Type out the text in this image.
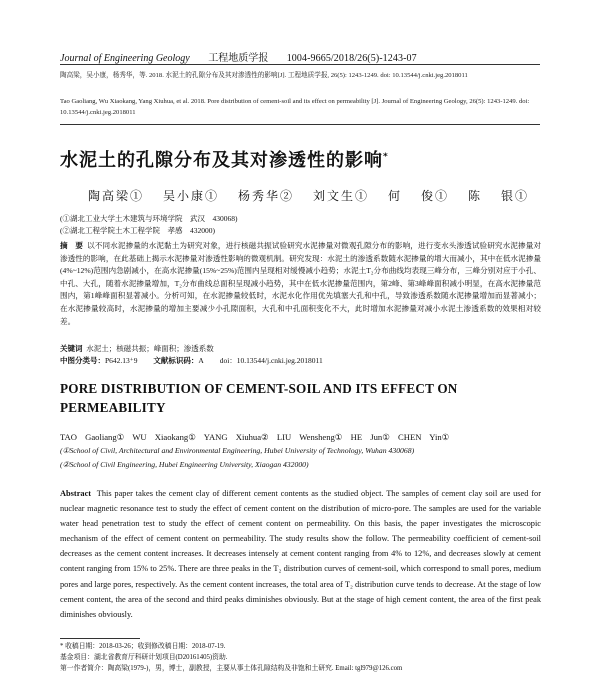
Journal of Engineering Geology 工程地质学报 1004-9665/2018/26(5)-1243-07
陶高梁，吴小康，杨秀华，等. 2018. 水泥土的孔隙分布及其对渗透性的影响[J]. 工程地质学报, 26(5): 1243-1249. doi: 10.13544/j.cnki.jeg.2018011
Tao Gaoliang, Wu Xiaokang, Yang Xiuhua, et al. 2018. Pore distribution of cement-soil and its effect on permeability [J]. Journal of Engineering Geology, 26(5): 1243-1249. doi: 10.13544/j.cnki.jeg.2018011
水泥土的孔隙分布及其对渗透性的影响*
陶高梁① 吴小康① 杨秀华② 刘文生① 何 俊① 陈 银①
(①湖北工业大学土木建筑与环境学院　武汉　430068)
(②湖北工程学院土木工程学院　孝感　432000)
摘　要 以不同水泥掺量的水泥黏土为研究对象，进行核磁共振试验研究水泥掺量对微观孔隙分布的影响，进行变水头渗透试验研究水泥掺量对渗透性的影响，在此基础上揭示水泥掺量对渗透性影响的微观机制。研究发现：水泥土的渗透系数随水泥掺量的增大而减小，其中在低水泥掺量(4%~12%)范围内急剧减小，在高水泥掺量(15%~25%)范围内呈现相对缓慢减小趋势；水泥土T₂分布曲线均表现三峰分布，三峰分别对应于小孔、中孔、大孔，随着水泥掺量增加，T₂分布曲线总面积呈现减小趋势，其中在低水泥掺量范围内，第2峰、第3峰峰面积减小明显，在高水泥掺量范围内，第1峰峰面积显著减小。分析可知，在水泥掺量较低时，水泥水化作用优先填塞大孔和中孔，导致渗透系数随水泥掺量增加而显著减小；在水泥掺量较高时，水泥掺量的增加主要减少小孔隙面积，大孔和中孔面积变化不大，此时增加水泥掺量对减小水泥土渗透系数的效果相对较差。
关键词 水泥土；核磁共振；峰面积；渗透系数
中图分类号：P642.13⁺9 文献标识码：A doi：10.13544/j.cnki.jeg.2018011
PORE DISTRIBUTION OF CEMENT-SOIL AND ITS EFFECT ON PERMEABILITY
TAO Gaoliang① WU Xiaokang① YANG Xiuhua② LIU Wensheng① HE Jun① CHEN Yin①
(①School of Civil, Architectural and Environmental Engineering, Hubei University of Technology, Wuhan 430068)
(②School of Civil Engineering, Hubei Engineering University, Xiaogan 432000)
Abstract This paper takes the cement clay of different cement contents as the studied object. The samples of cement clay soil are used for nuclear magnetic resonance test to study the effect of cement content on the distribution of micro-pore. The samples are used for the variable water head penetration test to study the effect of cement content on permeability. On this basis, the paper investigates the microscopic mechanism of the effect of cement content on permeability. The study results show the follow. The permeability coefficient of cement-soil decreases as the cement content increases. It decreases intensely at cement content ranging from 4% to 12%, and decreases slowly at cement content ranging from 15% to 25%. There are three peaks in the T₂ distribution curves of cement-soil, which correspond to small pores, medium pores and large pores, respectively. As the cement content increases, the total area of T₂ distribution curve tends to decrease. At the stage of low cement content, the area of the second and third peaks diminishes obviously. But at the stage of high cement content, the area of the first peak diminishes obviously.
* 收稿日期：2018-03-26；收到修改稿日期：2018-07-19.
基金项目：湖北省教育厅科研计划项目(D20161405)资助.
第一作者简介：陶高梁(1979-)，男，博士，副教授，主要从事土体孔隙结构及非饱和土研究. Email: tgl979@126.com
